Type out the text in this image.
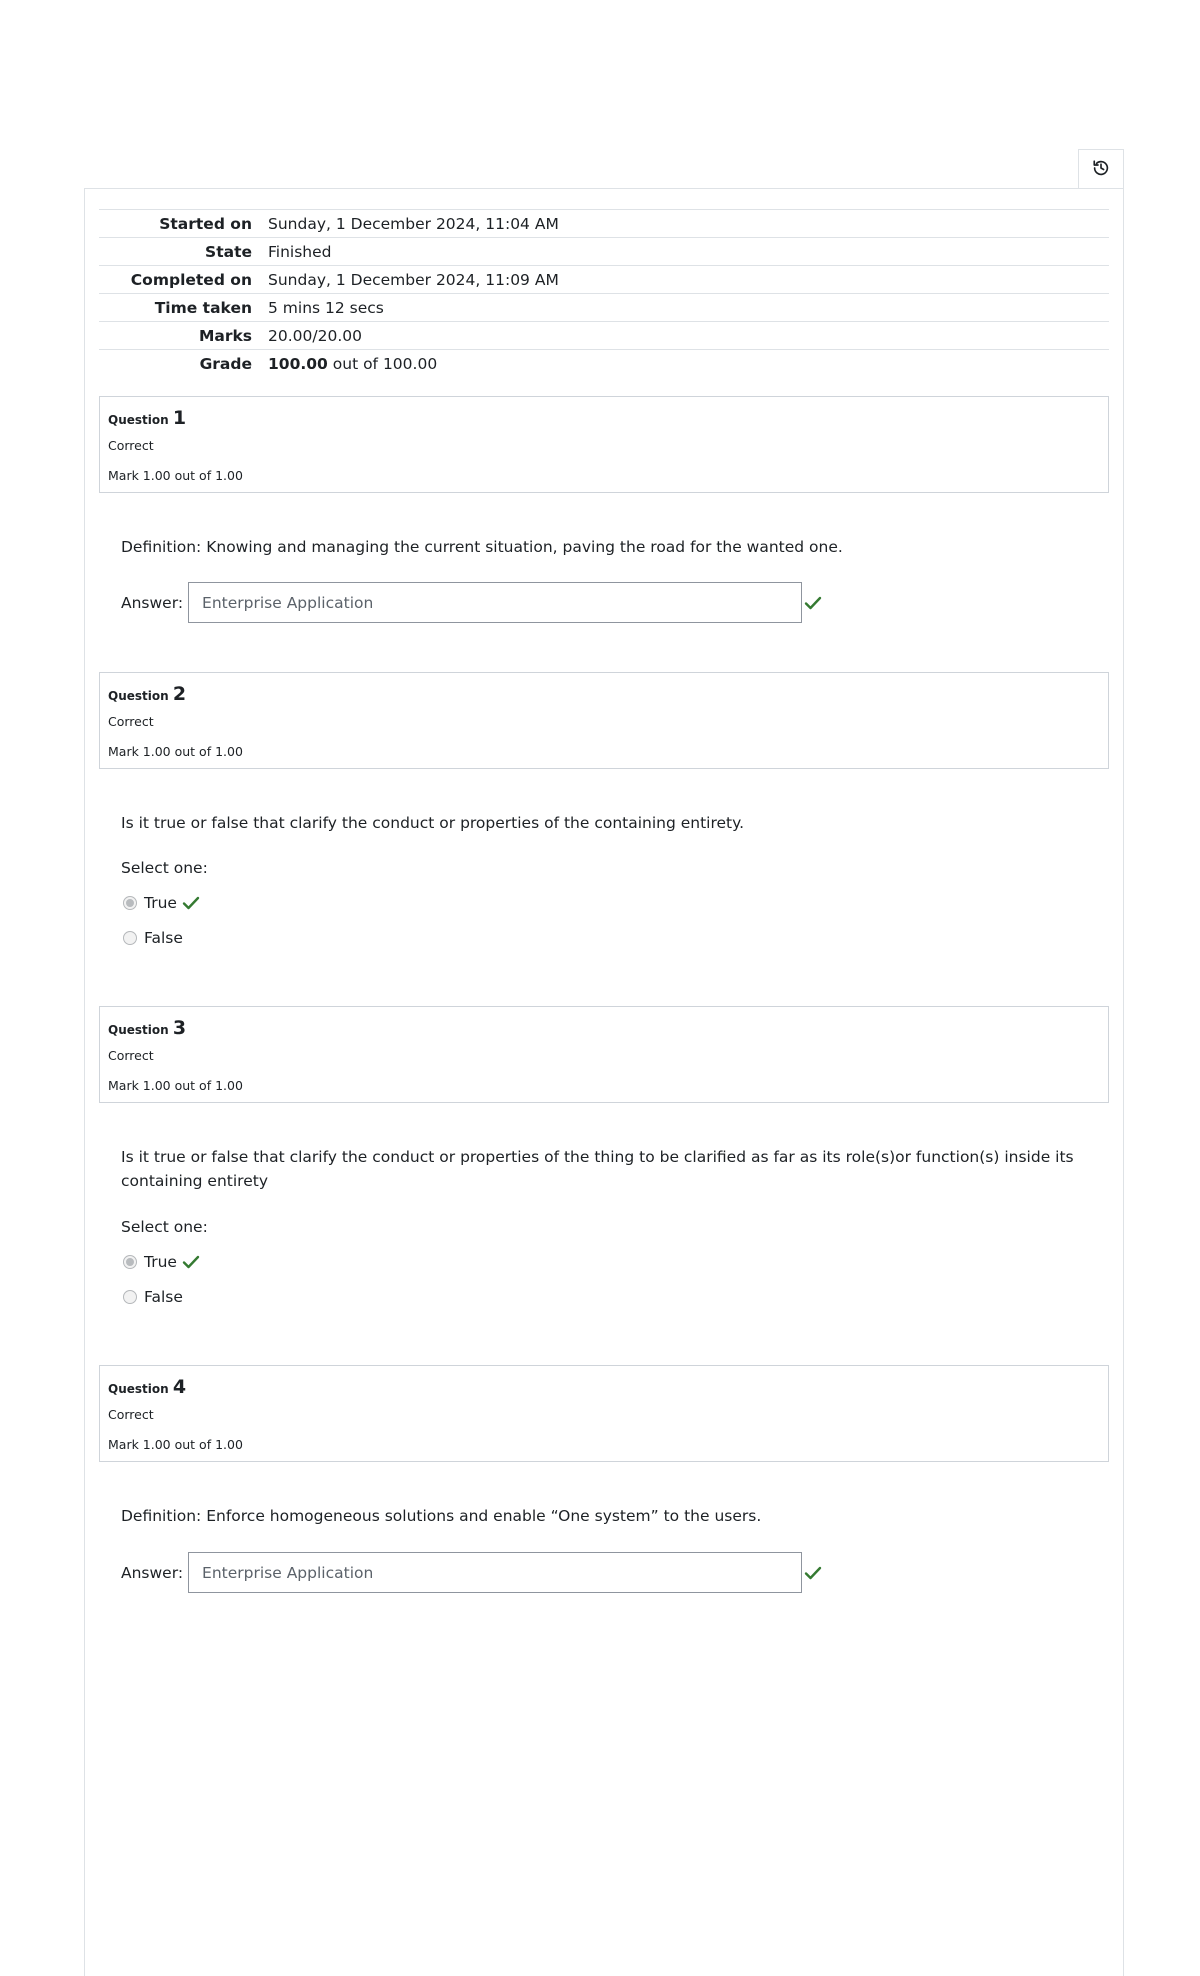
Started on	Sunday, 1 December 2024, 11:04 AM
State	Finished
Completed on	Sunday, 1 December 2024, 11:09 AM
Time taken	5 mins 12 secs
Marks	20.00/20.00
Grade	100.00 out of 100.00
Question 1
Correct
Mark 1.00 out of 1.00
Definition: Knowing and managing the current situation, paving the road for the wanted one.
Answer:	Enterprise Application
Question 2
Correct
Mark 1.00 out of 1.00
Is it true or false that clarify the conduct or properties of the containing entirety.
Select one:
True
False
Question 3
Correct
Mark 1.00 out of 1.00
Is it true or false that clarify the conduct or properties of the thing to be clarified as far as its role(s)or function(s) inside its containing entirety
Select one:
True
False
Question 4
Correct
Mark 1.00 out of 1.00
Definition: Enforce homogeneous solutions and enable “One system” to the users.
Answer:	Enterprise Application
